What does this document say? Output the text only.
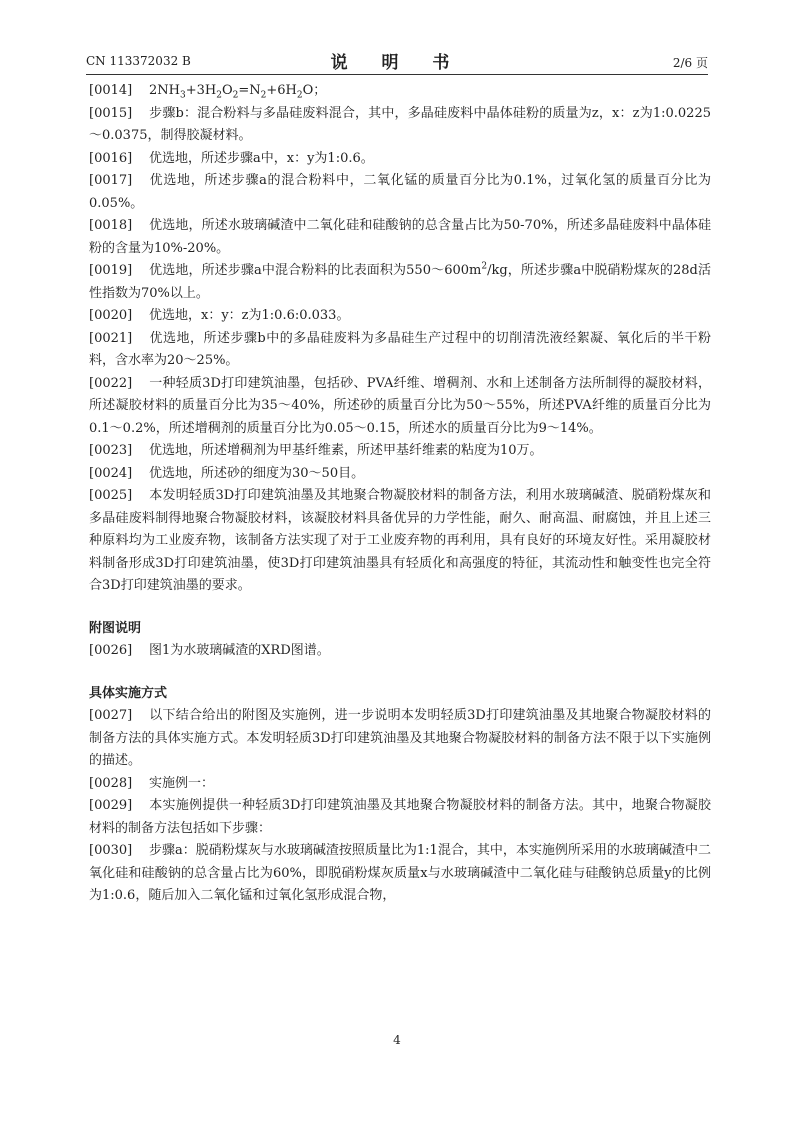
CN 113372032 B	说 明 书	2/6 页
[0014] $2NH_3+3H_2O_2=N_2+6H_2O$；
[0015] 步骤b：混合粉料与多晶硅废料混合，其中，多晶硅废料中晶体硅粉的质量为z，x：z为1:0.0225～0.0375，制得胶凝材料。
[0016] 优选地，所述步骤a中，x：y为1:0.6。
[0017] 优选地，所述步骤a的混合粉料中，二氧化锰的质量百分比为0.1%，过氧化氢的质量百分比为0.05%。
[0018] 优选地，所述水玻璃碱渣中二氧化硅和硅酸钠的总含量占比为50-70%，所述多晶硅废料中晶体硅粉的含量为10%-20%。
[0019] 优选地，所述步骤a中混合粉料的比表面积为$550\sim 600m^2/kg$，所述步骤a中脱硝粉煤灰的28d活性指数为70%以上。
[0020] 优选地，x：y：z为1:0.6:0.033。
[0021] 优选地，所述步骤b中的多晶硅废料为多晶硅生产过程中的切削清洗液经絮凝、氧化后的半干粉料，含水率为20～25%。
[0022] 一种轻质3D打印建筑油墨，包括砂、PVA纤维、增稠剂、水和上述制备方法所制得的凝胶材料，所述凝胶材料的质量百分比为35～40%，所述砂的质量百分比为50～55%，所述PVA纤维的质量百分比为0.1～0.2%，所述增稠剂的质量百分比为0.05～0.15，所述水的质量百分比为9～14%。
[0023] 优选地，所述增稠剂为甲基纤维素，所述甲基纤维素的粘度为10万。
[0024] 优选地，所述砂的细度为30～50目。
[0025] 本发明轻质3D打印建筑油墨及其地聚合物凝胶材料的制备方法，利用水玻璃碱渣、脱硝粉煤灰和多晶硅废料制得地聚合物凝胶材料，该凝胶材料具备优异的力学性能，耐久、耐高温、耐腐蚀，并且上述三种原料均为工业废弃物，该制备方法实现了对于工业废弃物的再利用，具有良好的环境友好性。采用凝胶材料制备形成3D打印建筑油墨，使3D打印建筑油墨具有轻质化和高强度的特征，其流动性和触变性也完全符合3D打印建筑油墨的要求。
附图说明
[0026] 图1为水玻璃碱渣的XRD图谱。
具体实施方式
[0027] 以下结合给出的附图及实施例，进一步说明本发明轻质3D打印建筑油墨及其地聚合物凝胶材料的制备方法的具体实施方式。本发明轻质3D打印建筑油墨及其地聚合物凝胶材料的制备方法不限于以下实施例的描述。
[0028] 实施例一：
[0029] 本实施例提供一种轻质3D打印建筑油墨及其地聚合物凝胶材料的制备方法。其中，地聚合物凝胶材料的制备方法包括如下步骤：
[0030] 步骤a：脱硝粉煤灰与水玻璃碱渣按照质量比为1:1混合，其中，本实施例所采用的水玻璃碱渣中二氧化硅和硅酸钠的总含量占比为60%，即脱硝粉煤灰质量x与水玻璃碱渣中二氧化硅与硅酸钠总质量y的比例为1:0.6，随后加入二氧化锰和过氧化氢形成混合物，
4
